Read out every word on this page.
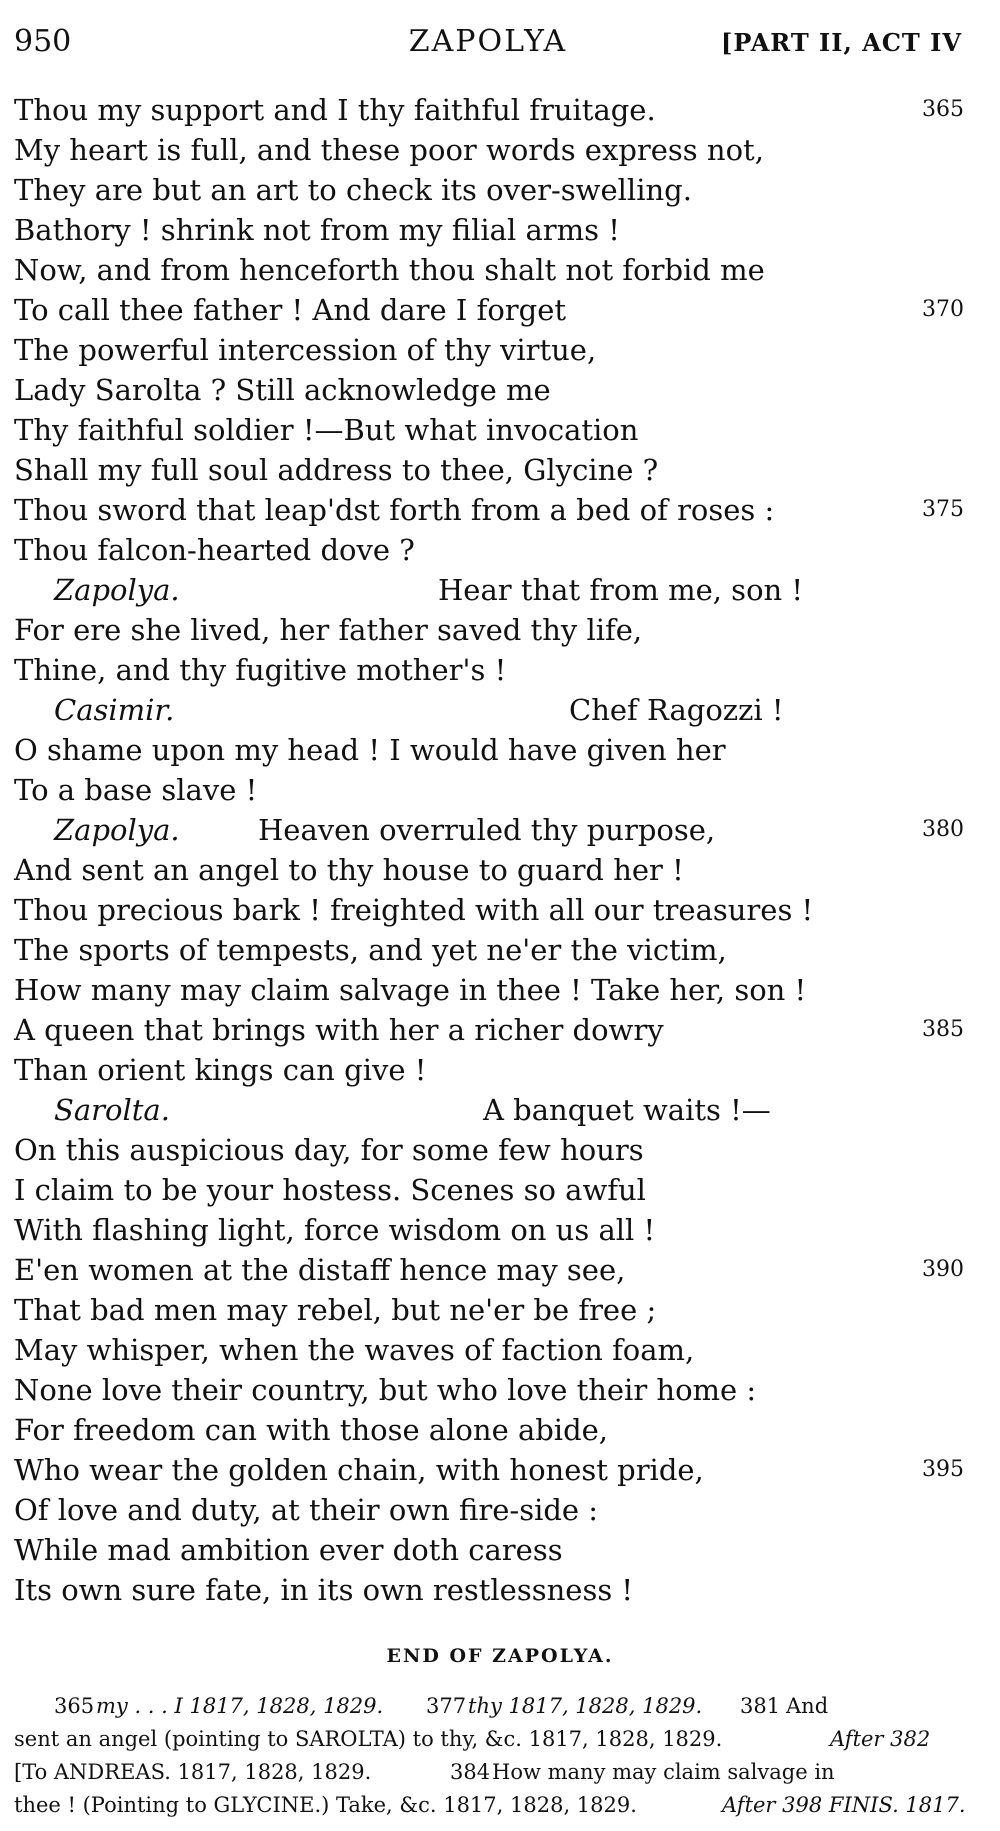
950	ZAPOLYA	[PART II, ACT IV
Thou my support and I thy faithful fruitage.	365
My heart is full, and these poor words express not,
They are but an art to check its over-swelling.
Bathory ! shrink not from my filial arms !
Now, and from henceforth thou shalt not forbid me
To call thee father ! And dare I forget	370
The powerful intercession of thy virtue,
Lady Sarolta ? Still acknowledge me
Thy faithful soldier !—But what invocation
Shall my full soul address to thee, Glycine ?
Thou sword that leap'dst forth from a bed of roses :	375
Thou falcon-hearted dove ?
Zapolya.	Hear that from me, son !
For ere she lived, her father saved thy life,
Thine, and thy fugitive mother's !
Casimir.	Chef Ragozzi !
O shame upon my head ! I would have given her
To a base slave !
Zapolya.	Heaven overruled thy purpose,	380
And sent an angel to thy house to guard her !
Thou precious bark ! freighted with all our treasures !
The sports of tempests, and yet ne'er the victim,
How many may claim salvage in thee ! Take her, son !
A queen that brings with her a richer dowry	385
Than orient kings can give !
Sarolta.	A banquet waits !—
On this auspicious day, for some few hours
I claim to be your hostess. Scenes so awful
With flashing light, force wisdom on us all !
E'en women at the distaff hence may see,	390
That bad men may rebel, but ne'er be free ;
May whisper, when the waves of faction foam,
None love their country, but who love their home :
For freedom can with those alone abide,
Who wear the golden chain, with honest pride,	395
Of love and duty, at their own fire-side :
While mad ambition ever doth caress
Its own sure fate, in its own restlessness !
END OF ZAPOLYA.
365 my . . . I 1817, 1828, 1829. 377 thy 1817, 1828, 1829. 381 And
sent an angel (pointing to SAROLTA) to thy, &c. 1817, 1828, 1829.	After 382
[To ANDREAS. 1817, 1828, 1829.	384 How many may claim salvage in
thee ! (Pointing to GLYCINE.) Take, &c. 1817, 1828, 1829.	After 398 FINIS. 1817.
